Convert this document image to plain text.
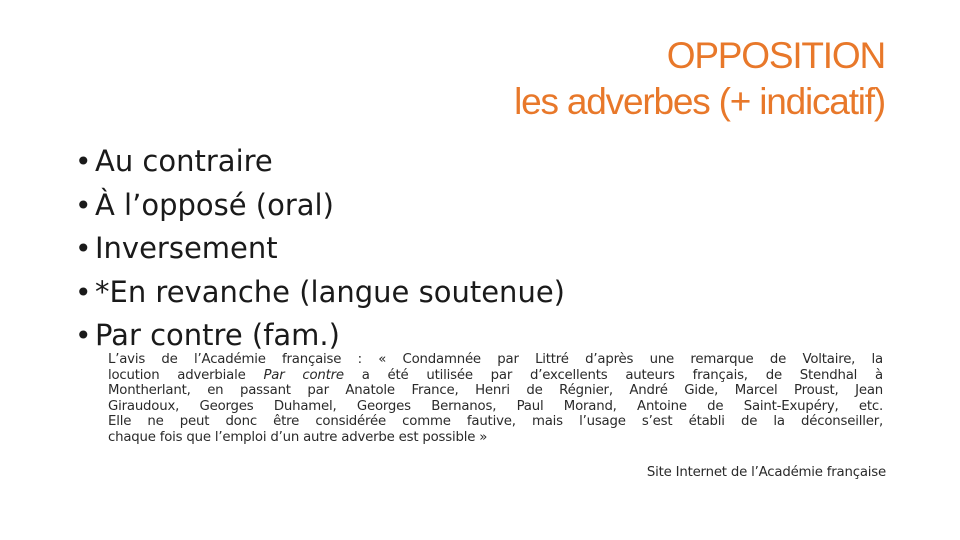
OPPOSITION
les adverbes (+ indicatif)
• Au contraire
• À l’opposé (oral)
• Inversement
• *En revanche (langue soutenue)
• Par contre (fam.)
L’avis de l’Académie française : « Condamnée par Littré d’après une remarque de Voltaire, la
locution adverbiale Par contre a été utilisée par d’excellents auteurs français, de Stendhal à
Montherlant, en passant par Anatole France, Henri de Régnier, André Gide, Marcel Proust, Jean
Giraudoux, Georges Duhamel, Georges Bernanos, Paul Morand, Antoine de Saint-Exupéry, etc.
Elle ne peut donc être considérée comme fautive, mais l’usage s’est établi de la déconseiller,
chaque fois que l’emploi d’un autre adverbe est possible »
Site Internet de l’Académie française
